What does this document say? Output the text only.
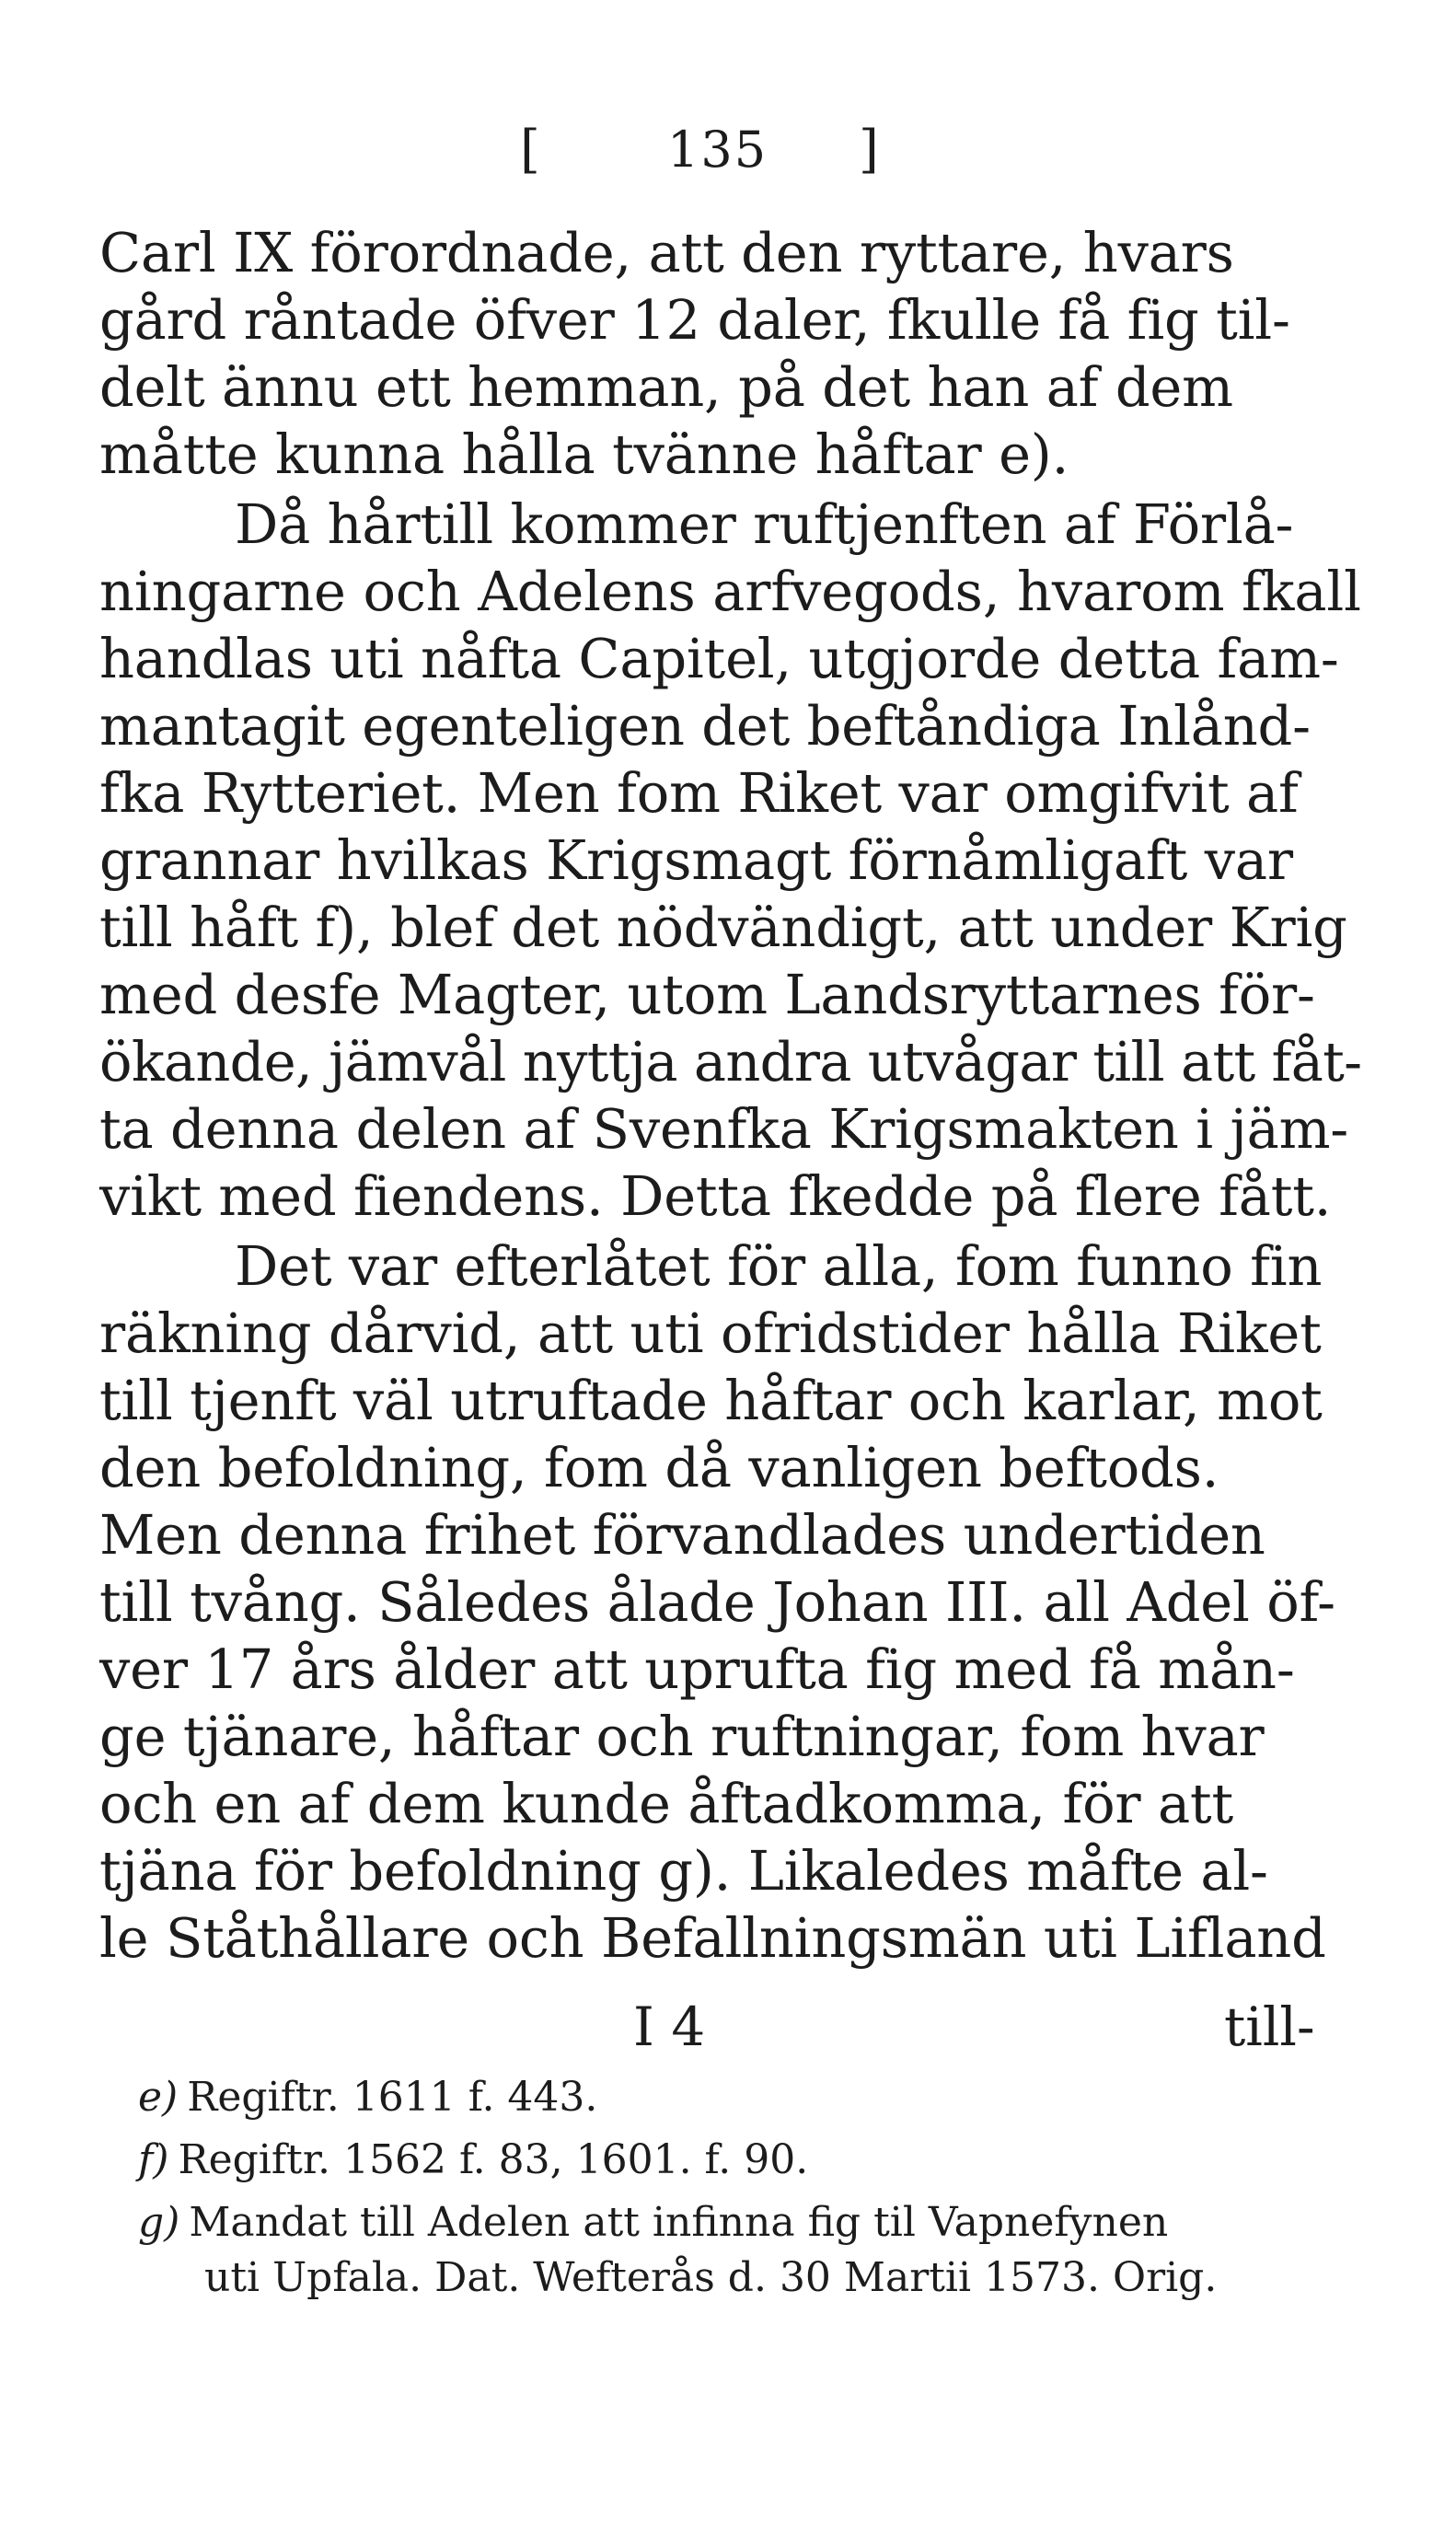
[	135 ]
Carl IX förordnade, att den ryttare, hvars
gård råntade öfver 12 daler, fkulle få fig til-
delt ännu ett hemman, på det han af dem
måtte kunna hålla tvänne håftar e).
Då hårtill kommer ruftjenften af Förlå-
ningarne och Adelens arfvegods, hvarom fkall
handlas uti nåfta Capitel, utgjorde detta fam-
mantagit egenteligen det beftåndiga Inlånd-
fka Rytteriet. Men fom Riket var omgifvit af
grannar hvilkas Krigsmagt förnåmligaft var
till håft f), blef det nödvändigt, att under Krig
med desfe Magter, utom Landsryttarnes för-
ökande, jämvål nyttja andra utvågar till att fåt-
ta denna delen af Svenfka Krigsmakten i jäm-
vikt med fiendens. Detta fkedde på flere fått.
Det var efterlåtet för alla, fom funno fin
räkning dårvid, att uti ofridstider hålla Riket
till tjenft väl utruftade håftar och karlar, mot
den befoldning, fom då vanligen beftods.
Men denna frihet förvandlades undertiden
till tvång. Således ålade Johan III. all Adel öf-
ver 17 års ålder att uprufta fig med få mån-
ge tjänare, håftar och ruftningar, fom hvar
och en af dem kunde åftadkomma, för att
tjäna för befoldning g). Likaledes måfte al-
le Ståthållare och Befallningsmän uti Lifland
I 4	till-
e) Regiftr. 1611 f. 443.
f) Regiftr. 1562 f. 83, 1601. f. 90.
g) Mandat till Adelen att infinna fig til Vapnefynen
uti Upfala. Dat. Wefterås d. 30 Martii 1573. Orig.
